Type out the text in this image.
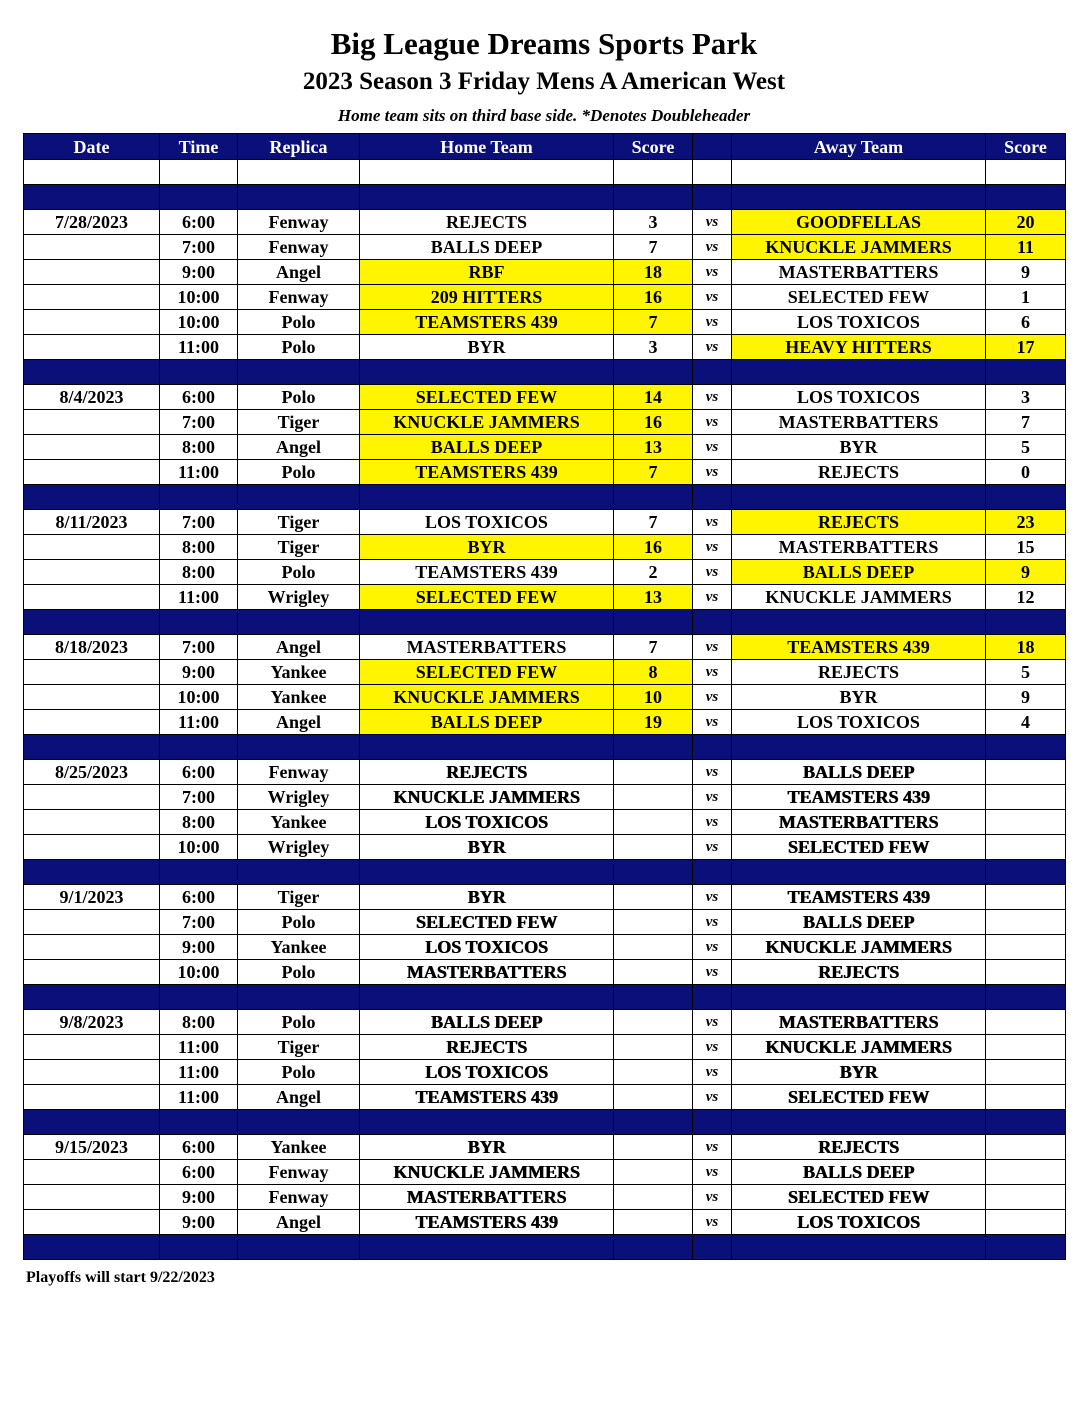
Big League Dreams Sports Park
2023 Season 3 Friday Mens A American West
Home team sits on third base side. *Denotes Doubleheader
Date	Time	Replica	Home Team	Score		Away Team	Score

7/28/2023	6:00	Fenway	REJECTS	3	vs	GOODFELLAS	20
	7:00	Fenway	BALLS DEEP	7	vs	KNUCKLE JAMMERS	11
	9:00	Angel	RBF	18	vs	MASTERBATTERS	9
	10:00	Fenway	209 HITTERS	16	vs	SELECTED FEW	1
	10:00	Polo	TEAMSTERS 439	7	vs	LOS TOXICOS	6
	11:00	Polo	BYR	3	vs	HEAVY HITTERS	17

8/4/2023	6:00	Polo	SELECTED FEW	14	vs	LOS TOXICOS	3
	7:00	Tiger	KNUCKLE JAMMERS	16	vs	MASTERBATTERS	7
	8:00	Angel	BALLS DEEP	13	vs	BYR	5
	11:00	Polo	TEAMSTERS 439	7	vs	REJECTS	0

8/11/2023	7:00	Tiger	LOS TOXICOS	7	vs	REJECTS	23
	8:00	Tiger	BYR	16	vs	MASTERBATTERS	15
	8:00	Polo	TEAMSTERS 439	2	vs	BALLS DEEP	9
	11:00	Wrigley	SELECTED FEW	13	vs	KNUCKLE JAMMERS	12

8/18/2023	7:00	Angel	MASTERBATTERS	7	vs	TEAMSTERS 439	18
	9:00	Yankee	SELECTED FEW	8	vs	REJECTS	5
	10:00	Yankee	KNUCKLE JAMMERS	10	vs	BYR	9
	11:00	Angel	BALLS DEEP	19	vs	LOS TOXICOS	4

8/25/2023	6:00	Fenway	REJECTS		vs	BALLS DEEP	
	7:00	Wrigley	KNUCKLE JAMMERS		vs	TEAMSTERS 439	
	8:00	Yankee	LOS TOXICOS		vs	MASTERBATTERS	
	10:00	Wrigley	BYR		vs	SELECTED FEW	

9/1/2023	6:00	Tiger	BYR		vs	TEAMSTERS 439	
	7:00	Polo	SELECTED FEW		vs	BALLS DEEP	
	9:00	Yankee	LOS TOXICOS		vs	KNUCKLE JAMMERS	
	10:00	Polo	MASTERBATTERS		vs	REJECTS	

9/8/2023	8:00	Polo	BALLS DEEP		vs	MASTERBATTERS	
	11:00	Tiger	REJECTS		vs	KNUCKLE JAMMERS	
	11:00	Polo	LOS TOXICOS		vs	BYR	
	11:00	Angel	TEAMSTERS 439		vs	SELECTED FEW	

9/15/2023	6:00	Yankee	BYR		vs	REJECTS	
	6:00	Fenway	KNUCKLE JAMMERS		vs	BALLS DEEP	
	9:00	Fenway	MASTERBATTERS		vs	SELECTED FEW	
	9:00	Angel	TEAMSTERS 439		vs	LOS TOXICOS	

Playoffs will start 9/22/2023
